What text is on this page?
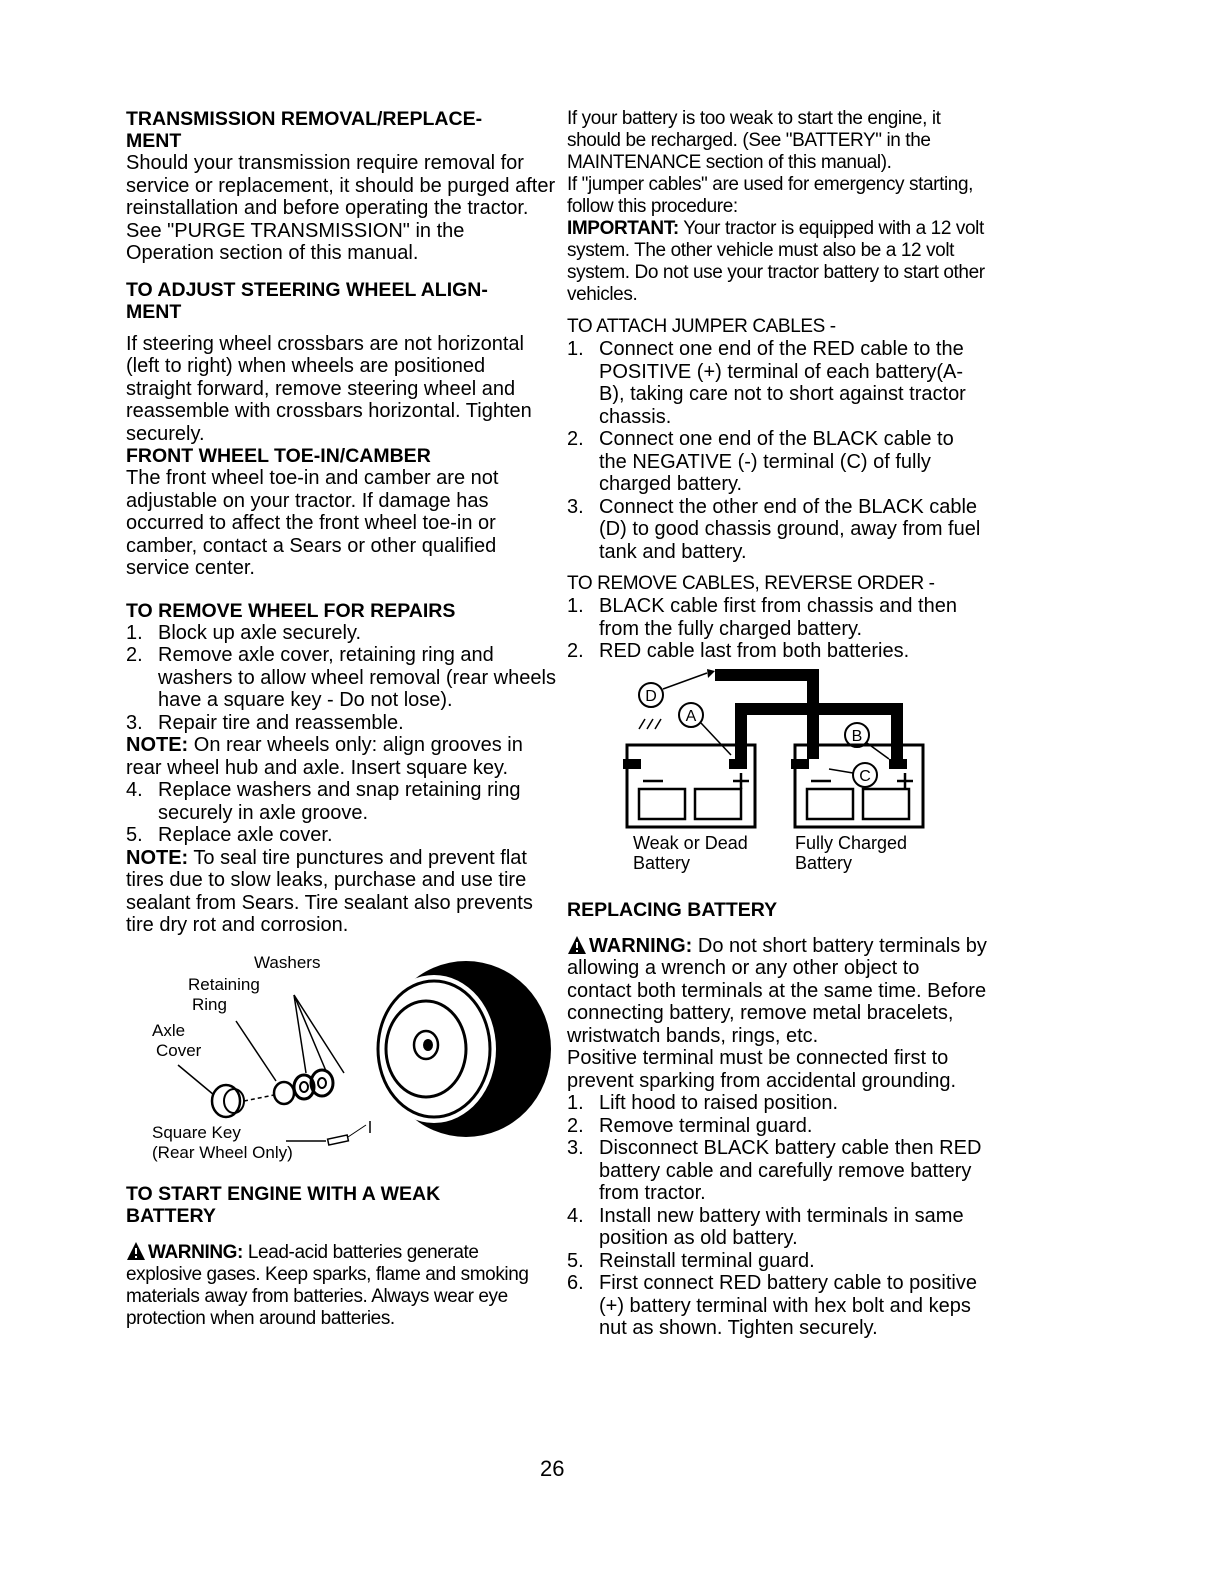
TRANSMISSION REMOVAL/REPLACE-
MENT

Should your transmission require removal for service or replacement, it should be purged after reinstallation and before operating the tractor. See "PURGE TRANSMISSION" in the Operation section of this manual.

TO ADJUST STEERING WHEEL ALIGN-
MENT

If steering wheel crossbars are not horizontal (left to right) when wheels are positioned straight forward, remove steering wheel and reassemble with crossbars horizontal. Tighten securely.

FRONT WHEEL TOE-IN/CAMBER

The front wheel toe-in and camber are not adjustable on your tractor. If damage has occurred to affect the front wheel toe-in or camber, contact a Sears or other qualified service center.

TO REMOVE WHEEL FOR REPAIRS
1. Block up axle securely.
2. Remove axle cover, retaining ring and washers to allow wheel removal (rear wheels have a square key - Do not lose).
3. Repair tire and reassemble.

NOTE: On rear wheels only: align grooves in rear wheel hub and axle. Insert square key.

4. Replace washers and snap retaining ring securely in axle groove.
5. Replace axle cover.

NOTE: To seal tire punctures and prevent flat tires due to slow leaks, purchase and use tire sealant from Sears. Tire sealant also prevents tire dry rot and corrosion.

Washers
Retaining
Ring
Axle
Cover
Square Key
(Rear Wheel Only)
TO START ENGINE WITH A WEAK
BATTERY

WARNING: Lead-acid batteries generate explosive gases. Keep sparks, flame and smoking materials away from batteries. Always wear eye protection when around batteries.

If your battery is too weak to start the engine, it should be recharged. (See "BATTERY" in the MAINTENANCE section of this manual).

If "jumper cables" are used for emergency starting, follow this procedure:

IMPORTANT: Your tractor is equipped with a 12 volt system. The other vehicle must also be a 12 volt system. Do not use your tractor battery to start other vehicles.

TO ATTACH JUMPER CABLES -

1. Connect one end of the RED cable to the POSITIVE (+) terminal of each battery(A-B), taking care not to short against tractor chassis.
2. Connect one end of the BLACK cable to the NEGATIVE (-) terminal (C) of fully charged battery.
3. Connect the other end of the BLACK cable (D) to good chassis ground, away from fuel tank and battery.

TO REMOVE CABLES, REVERSE ORDER -

1. BLACK cable first from chassis and then from the fully charged battery.
2. RED cable last from both batteries.
D
A
B
C
Weak or Dead
Battery
Fully Charged
Battery
REPLACING BATTERY

WARNING: Do not short battery terminals by allowing a wrench or any other object to contact both terminals at the same time. Before connecting battery, remove metal bracelets, wristwatch bands, rings, etc.

Positive terminal must be connected first to prevent sparking from accidental grounding.

1. Lift hood to raised position.
2. Remove terminal guard.
3. Disconnect BLACK battery cable then RED battery cable and carefully remove battery from tractor.
4. Install new battery with terminals in same position as old battery.
5. Reinstall terminal guard.
6. First connect RED battery cable to positive (+) battery terminal with hex bolt and keps nut as shown. Tighten securely.
26
